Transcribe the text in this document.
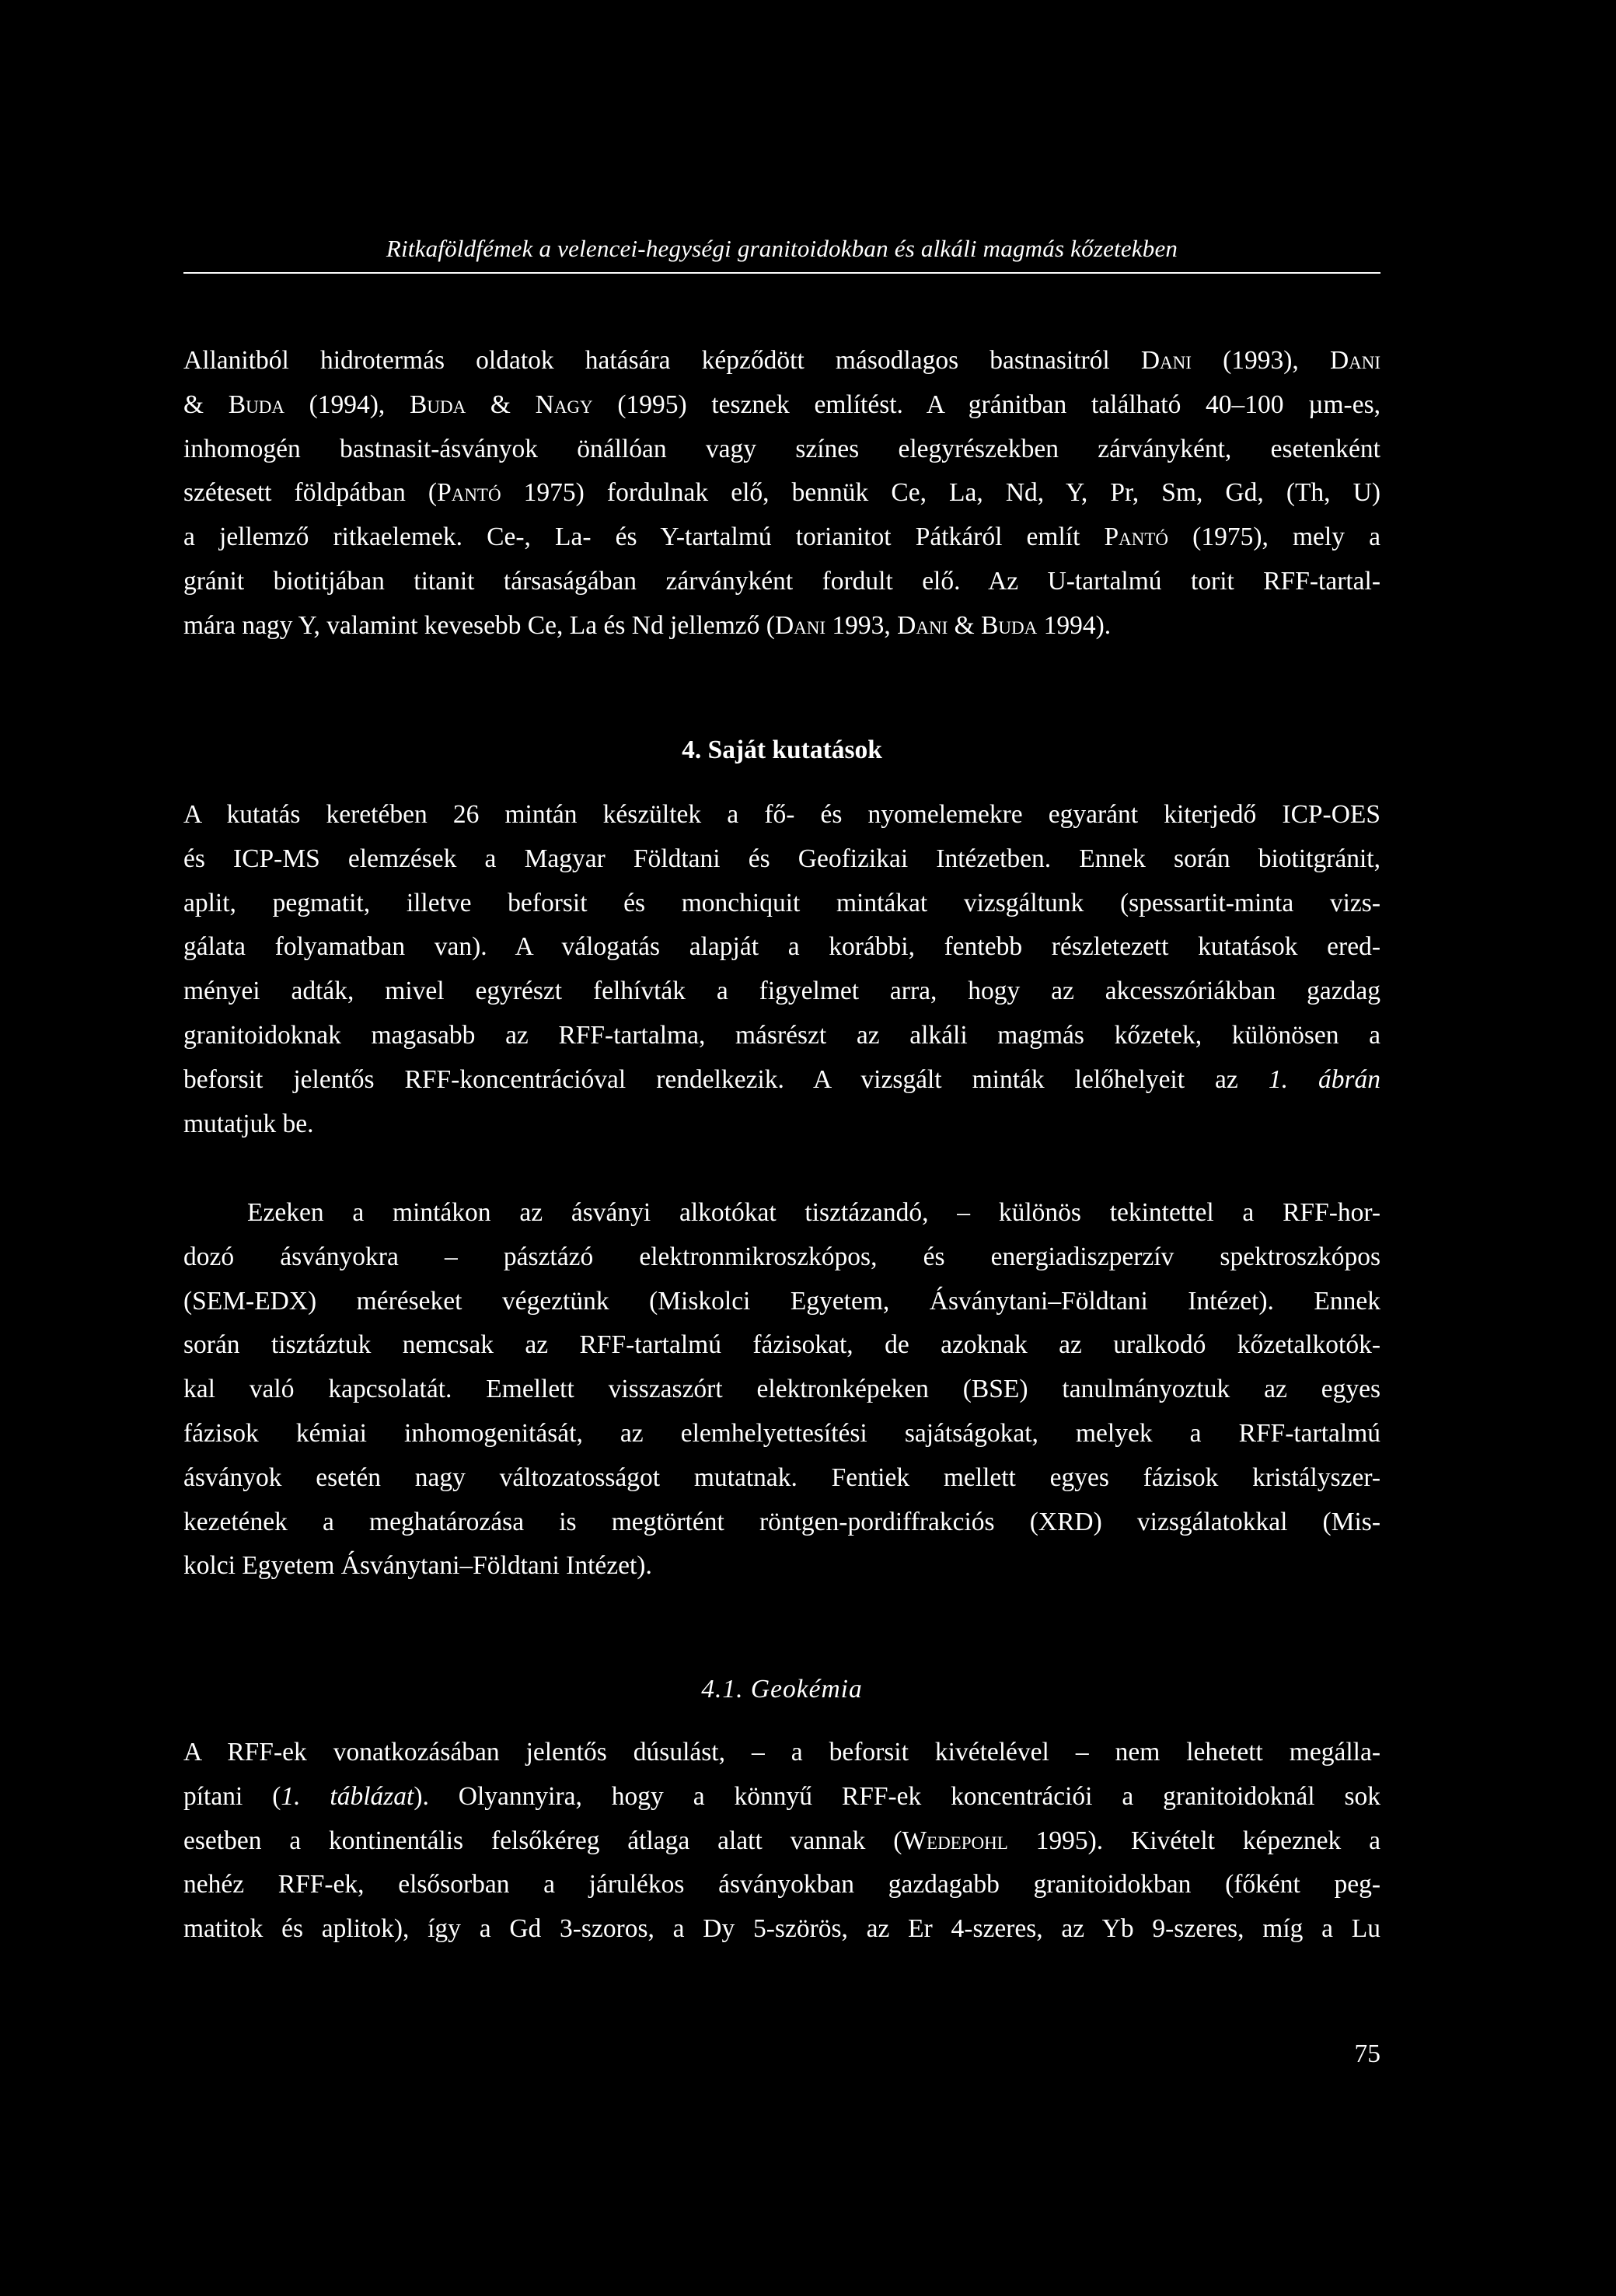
Ritkaföldfémek a velencei-hegységi granitoidokban és alkáli magmás kőzetekben

Allanitból hidrotermás oldatok hatására képződött másodlagos bastnasitról Dani (1993), Dani

& Buda (1994), Buda & Nagy (1995) tesznek említést. A gránitban található 40–100 µm-es,

inhomogén bastnasit-ásványok önállóan vagy színes elegyrészekben zárványként, esetenként

szétesett földpátban (Pantó 1975) fordulnak elő, bennük Ce, La, Nd, Y, Pr, Sm, Gd, (Th, U)

a jellemző ritkaelemek. Ce-, La- és Y-tartalmú torianitot Pátkáról említ Pantó (1975), mely a

gránit biotitjában titanit társaságában zárványként fordult elő. Az U-tartalmú torit RFF-tartal-

mára nagy Y, valamint kevesebb Ce, La és Nd jellemző (Dani 1993, Dani & Buda 1994).

4. Saját kutatások

A kutatás keretében 26 mintán készültek a fő- és nyomelemekre egyaránt kiterjedő ICP-OES

és ICP-MS elemzések a Magyar Földtani és Geofizikai Intézetben. Ennek során biotitgránit,

aplit, pegmatit, illetve beforsit és monchiquit mintákat vizsgáltunk (spessartit-minta vizs-

gálata folyamatban van). A válogatás alapját a korábbi, fentebb részletezett kutatások ered-

ményei adták, mivel egyrészt felhívták a figyelmet arra, hogy az akcesszóriákban gazdag

granitoidoknak magasabb az RFF-tartalma, másrészt az alkáli magmás kőzetek, különösen a

beforsit jelentős RFF-koncentrációval rendelkezik. A vizsgált minták lelőhelyeit az 1. ábrán

mutatjuk be.

Ezeken a mintákon az ásványi alkotókat tisztázandó, – különös tekintettel a RFF-hor-

dozó ásványokra – pásztázó elektronmikroszkópos, és energiadiszperzív spektroszkópos

(SEM-EDX) méréseket végeztünk (Miskolci Egyetem, Ásványtani–Földtani Intézet). Ennek

során tisztáztuk nemcsak az RFF-tartalmú fázisokat, de azoknak az uralkodó kőzetalkotók-

kal való kapcsolatát. Emellett visszaszórt elektronképeken (BSE) tanulmányoztuk az egyes

fázisok kémiai inhomogenitását, az elemhelyettesítési sajátságokat, melyek a RFF-tartalmú

ásványok esetén nagy változatosságot mutatnak. Fentiek mellett egyes fázisok kristályszer-

kezetének a meghatározása is megtörtént röntgen-pordiffrakciós (XRD) vizsgálatokkal (Mis-

kolci Egyetem Ásványtani–Földtani Intézet).

4.1. Geokémia

A RFF-ek vonatkozásában jelentős dúsulást, – a beforsit kivételével – nem lehetett megálla-

pítani (1. táblázat). Olyannyira, hogy a könnyű RFF-ek koncentrációi a granitoidoknál sok

esetben a kontinentális felsőkéreg átlaga alatt vannak (Wedepohl 1995). Kivételt képeznek a

nehéz RFF-ek, elsősorban a járulékos ásványokban gazdagabb granitoidokban (főként peg-

matitok és aplitok), így a Gd 3-szoros, a Dy 5-szörös, az Er 4-szeres, az Yb 9-szeres, míg a Lu

75
